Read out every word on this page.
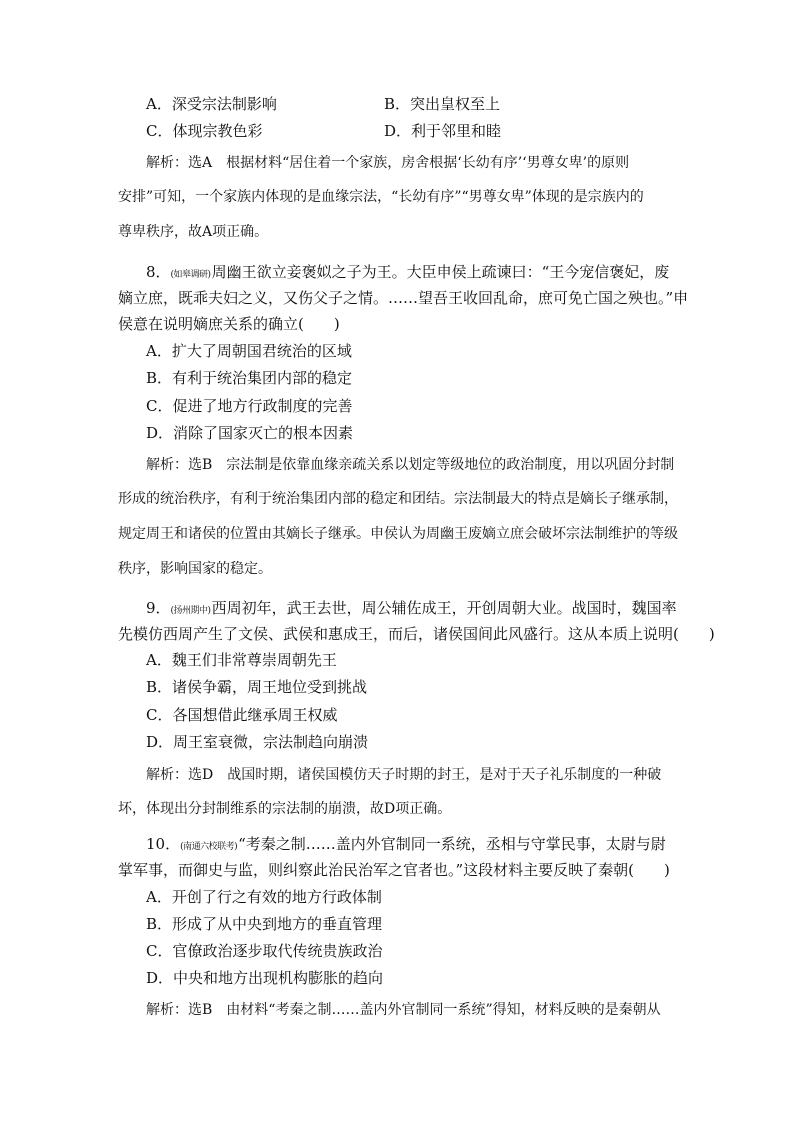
A．深受宗法制影响	B．突出皇权至上
C．体现宗教色彩	D．利于邻里和睦
解析：选A　根据材料“居住着一个家族，房舍根据‘长幼有序’‘男尊女卑’的原则
安排”可知，一个家族内体现的是血缘宗法，“长幼有序”“男尊女卑”体现的是宗族内的
尊卑秩序，故A项正确。
8．(如皋调研)周幽王欲立妾褒姒之子为王。大臣申侯上疏谏曰：“王今宠信褒妃，废
嫡立庶，既乖夫妇之义，又伤父子之情。……望吾王收回乱命，庶可免亡国之殃也。”申
侯意在说明嫡庶关系的确立(　　)
A．扩大了周朝国君统治的区域
B．有利于统治集团内部的稳定
C．促进了地方行政制度的完善
D．消除了国家灭亡的根本因素
解析：选B　宗法制是依靠血缘亲疏关系以划定等级地位的政治制度，用以巩固分封制
形成的统治秩序，有利于统治集团内部的稳定和团结。宗法制最大的特点是嫡长子继承制，
规定周王和诸侯的位置由其嫡长子继承。申侯认为周幽王废嫡立庶会破坏宗法制维护的等级
秩序，影响国家的稳定。
9．(扬州期中)西周初年，武王去世，周公辅佐成王，开创周朝大业。战国时，魏国率
先模仿西周产生了文侯、武侯和惠成王，而后，诸侯国间此风盛行。这从本质上说明(　　)
A．魏王们非常尊崇周朝先王
B．诸侯争霸，周王地位受到挑战
C．各国想借此继承周王权威
D．周王室衰微，宗法制趋向崩溃
解析：选D　战国时期，诸侯国模仿天子时期的封王，是对于天子礼乐制度的一种破
坏，体现出分封制维系的宗法制的崩溃，故D项正确。
10．(南通六校联考)“考秦之制……盖内外官制同一系统，丞相与守掌民事，太尉与尉
掌军事，而御史与监，则纠察此治民治军之官者也。”这段材料主要反映了秦朝(　　)
A．开创了行之有效的地方行政体制
B．形成了从中央到地方的垂直管理
C．官僚政治逐步取代传统贵族政治
D．中央和地方出现机构膨胀的趋向
解析：选B　由材料“考秦之制……盖内外官制同一系统”得知，材料反映的是秦朝从
